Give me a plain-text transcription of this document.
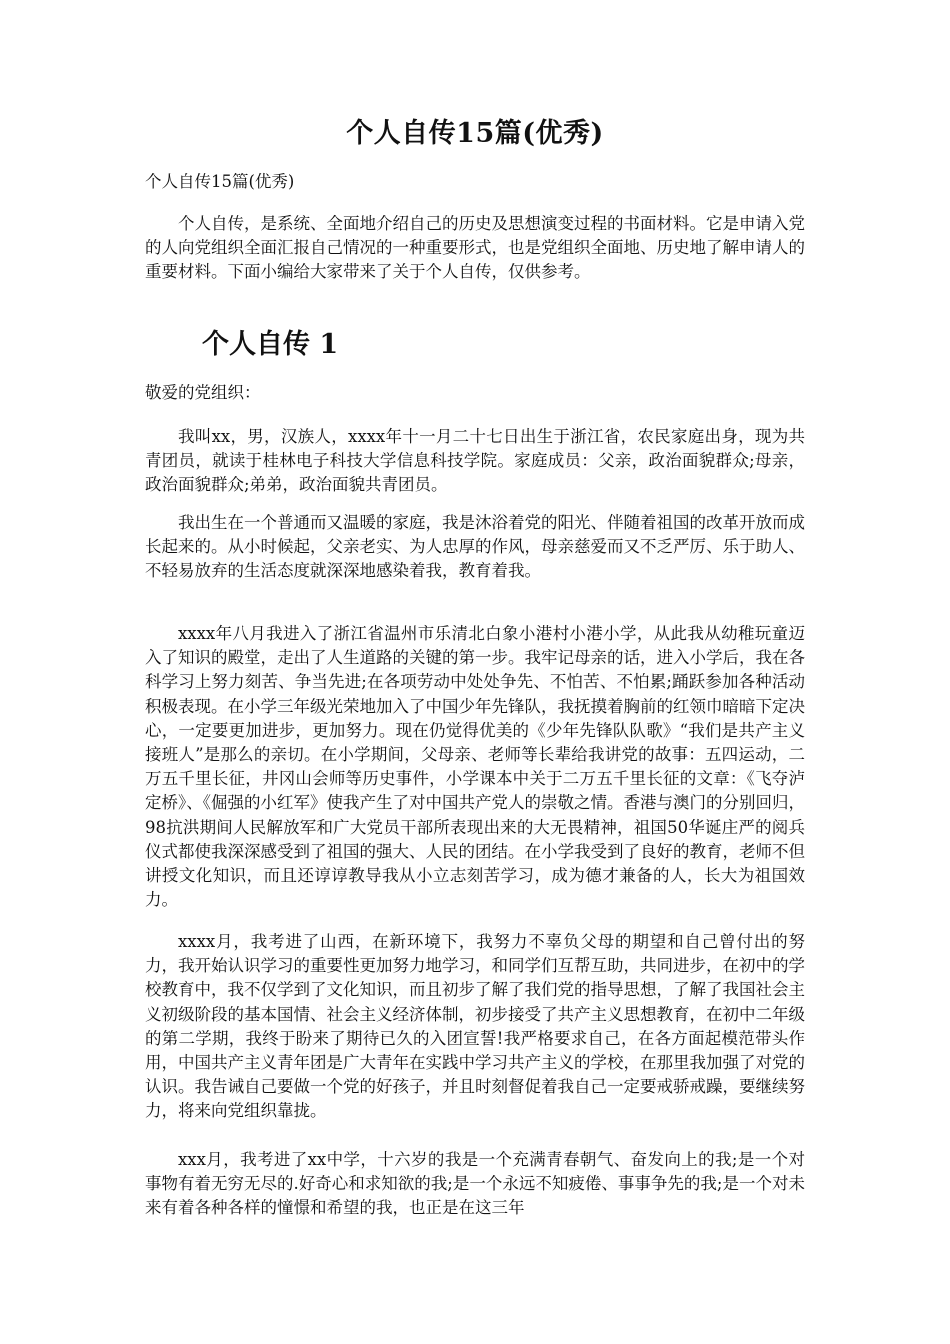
个人自传15篇(优秀)
个人自传15篇(优秀)

个人自传，是系统、全面地介绍自己的历史及思想演变过程的书面材料。它是申请入党的人向党组织全面汇报自己情况的一种重要形式，也是党组织全面地、历史地了解申请人的重要材料。下面小编给大家带来了关于个人自传，仅供参考。

个人自传 1
敬爱的党组织：

我叫xx，男，汉族人，xxxx年十一月二十七日出生于浙江省，农民家庭出身，现为共青团员，就读于桂林电子科技大学信息科技学院。家庭成员：父亲，政治面貌群众;母亲，政治面貌群众;弟弟，政治面貌共青团员。

我出生在一个普通而又温暖的家庭，我是沐浴着党的阳光、伴随着祖国的改革开放而成长起来的。从小时候起，父亲老实、为人忠厚的作风，母亲慈爱而又不乏严厉、乐于助人、不轻易放弃的生活态度就深深地感染着我，教育着我。

xxxx年八月我进入了浙江省温州市乐清北白象小港村小港小学，从此我从幼稚玩童迈入了知识的殿堂，走出了人生道路的关键的第一步。我牢记母亲的话，进入小学后，我在各科学习上努力刻苦、争当先进;在各项劳动中处处争先、不怕苦、不怕累;踊跃参加各种活动积极表现。在小学三年级光荣地加入了中国少年先锋队，我抚摸着胸前的红领巾暗暗下定决心，一定要更加进步，更加努力。现在仍觉得优美的《少年先锋队队歌》“我们是共产主义接班人”是那么的亲切。在小学期间，父母亲、老师等长辈给我讲党的故事：五四运动，二万五千里长征，井冈山会师等历史事件，小学课本中关于二万五千里长征的文章：《飞夺泸定桥》、《倔强的小红军》使我产生了对中国共产党人的崇敬之情。香港与澳门的分别回归，98抗洪期间人民解放军和广大党员干部所表现出来的大无畏精神，祖国50华诞庄严的阅兵仪式都使我深深感受到了祖国的强大、人民的团结。在小学我受到了良好的教育，老师不但讲授文化知识，而且还谆谆教导我从小立志刻苦学习，成为德才兼备的人，长大为祖国效力。

xxxx月，我考进了山西，在新环境下，我努力不辜负父母的期望和自己曾付出的努力，我开始认识学习的重要性更加努力地学习，和同学们互帮互助，共同进步，在初中的学校教育中，我不仅学到了文化知识，而且初步了解了我们党的指导思想，了解了我国社会主义初级阶段的基本国情、社会主义经济体制，初步接受了共产主义思想教育，在初中二年级的第二学期，我终于盼来了期待已久的入团宣誓!我严格要求自己，在各方面起模范带头作用，中国共产主义青年团是广大青年在实践中学习共产主义的学校，在那里我加强了对党的认识。我告诫自己要做一个党的好孩子，并且时刻督促着我自己一定要戒骄戒躁，要继续努力，将来向党组织靠拢。

xxx月，我考进了xx中学，十六岁的我是一个充满青春朝气、奋发向上的我;是一个对事物有着无穷无尽的.好奇心和求知欲的我;是一个永远不知疲倦、事事争先的我;是一个对未来有着各种各样的憧憬和希望的我，也正是在这三年
